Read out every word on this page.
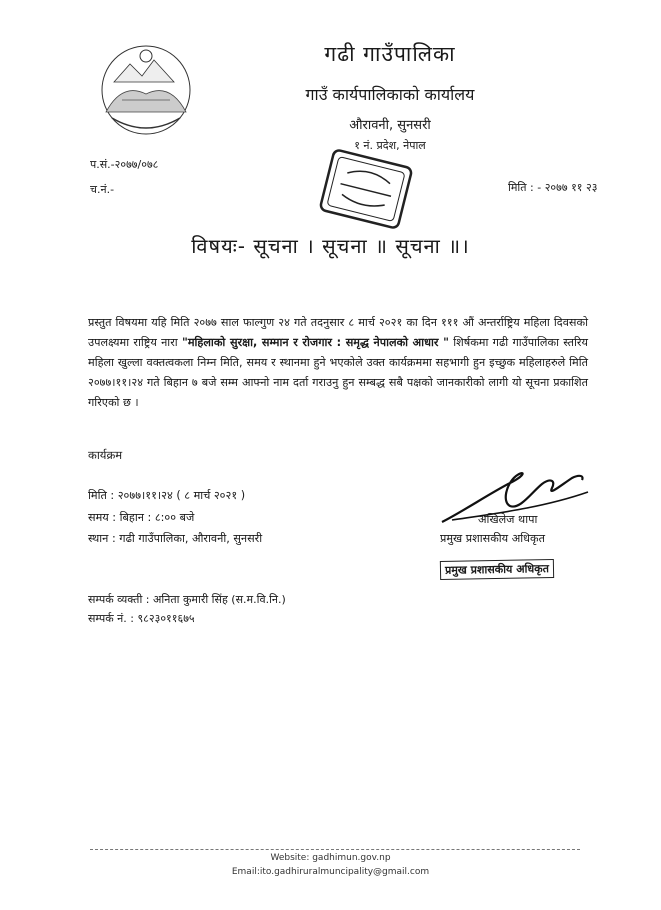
गढी गाउँपालिका
गाउँ कार्यपालिकाको कार्यालय
औरावनी, सुनसरी
१ नं. प्रदेश, नेपाल
प.सं.-२०७७/०७८
च.नं.-	मिति : - २०७७ ११ २३
विषयः- सूचना । सूचना ॥ सूचना ॥।
प्रस्तुत विषयमा यहि मिति २०७७ साल फाल्गुण २४ गते तदनुसार ८ मार्च २०२१ का दिन १११ औं अन्तर्राष्ट्रिय महिला दिवसको उपलक्ष्यमा राष्ट्रिय नारा "महिलाको सुरक्षा, सम्मान र रोजगार : समृद्ध नेपालको आधार " शिर्षकमा गढी गाउँपालिका स्तरिय महिला खुल्ला वक्तत्वकला निम्न मिति, समय र स्थानमा हुने भएकोले उक्त कार्यक्रममा सहभागी हुन इच्छुक महिलाहरुले मिति २०७७।११।२४ गते बिहान ७ बजे सम्म आफ्नो नाम दर्ता गराउनु हुन सम्बद्ध सबै पक्षको जानकारीको लागी यो सूचना प्रकाशित गरिएको छ ।
कार्यक्रम
मिति : २०७७।११।२४ ( ८ मार्च २०२१ )
समय : बिहान : ८:०० बजे
स्थान : गढी गाउँपालिका, औरावनी, सुनसरी
अखिलेज थापा
प्रमुख प्रशासकीय अधिकृत
प्रमुख प्रशासकीय अधिकृत
सम्पर्क व्यक्ती : अनिता कुमारी सिंह (स.म.वि.नि.)
सम्पर्क नं. : ९८२३०११६७५
Website: gadhimun.gov.np
Email:ito.gadhiruralmuncipality@gmail.com
